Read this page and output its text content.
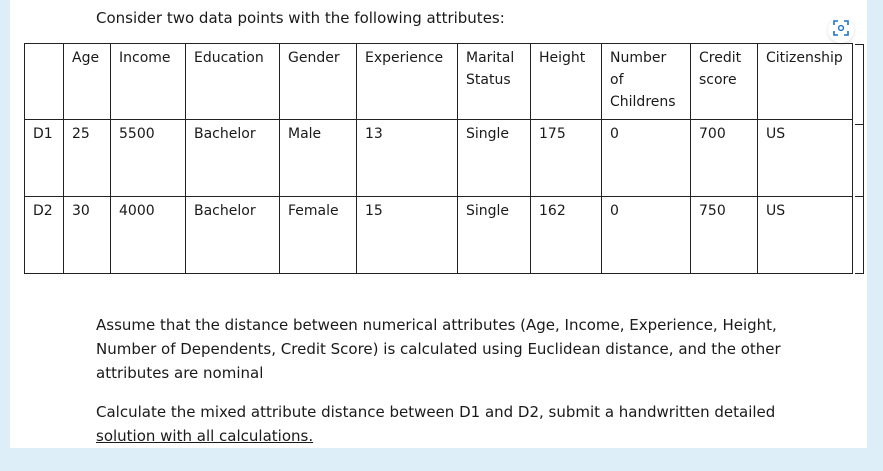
Consider two data points with the following attributes:
	Age	Income	Education	Gender	Experience	Marital Status	Height	Number of Childrens	Credit score	Citizenship
D1	25	5500	Bachelor	Male	13	Single	175	0	700	US
D2	30	4000	Bachelor	Female	15	Single	162	0	750	US
Assume that the distance between numerical attributes (Age, Income, Experience, Height, Number of Dependents, Credit Score) is calculated using Euclidean distance, and the other attributes are nominal
Calculate the mixed attribute distance between D1 and D2, submit a handwritten detailed
solution with all calculations.
